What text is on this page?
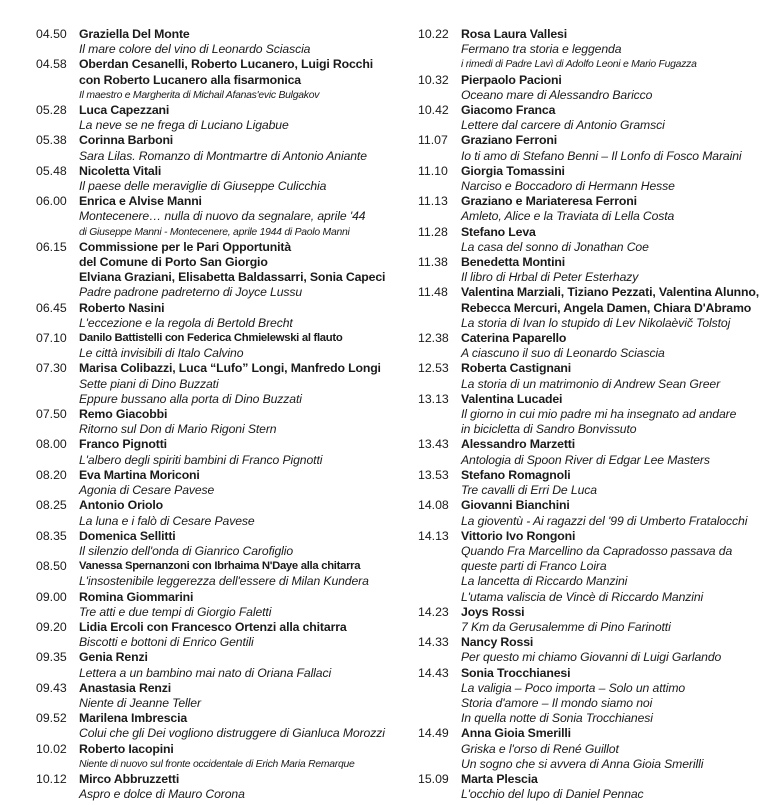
04.50 Graziella Del Monte
Il mare colore del vino di Leonardo Sciascia
04.58 Oberdan Cesanelli, Roberto Lucanero, Luigi Rocchi
con Roberto Lucanero alla fisarmonica
Il maestro e Margherita di Michail Afanas'evic Bulgakov
05.28 Luca Capezzani
La neve se ne frega di Luciano Ligabue
05.38 Corinna Barboni
Sara Lilas. Romanzo di Montmartre di Antonio Aniante
05.48 Nicoletta Vitali
Il paese delle meraviglie di Giuseppe Culicchia
06.00 Enrica e Alvise Manni
Montecenere… nulla di nuovo da segnalare, aprile '44
di Giuseppe Manni - Montecenere, aprile 1944 di Paolo Manni
06.15 Commissione per le Pari Opportunità
del Comune di Porto San Giorgio
Elviana Graziani, Elisabetta Baldassarri, Sonia Capeci
Padre padrone padreterno di Joyce Lussu
06.45 Roberto Nasini
L'eccezione e la regola di Bertold Brecht
07.10	Danilo Battistelli con Federica Chmielewski al flauto
Le città invisibili di Italo Calvino
07.30 Marisa Colibazzi, Luca “Lufo” Longi, Manfredo Longi
Sette piani di Dino Buzzati
Eppure bussano alla porta di Dino Buzzati
07.50 Remo Giacobbi
Ritorno sul Don di Mario Rigoni Stern
08.00 Franco Pignotti
L'albero degli spiriti bambini di Franco Pignotti
08.20 Eva Martina Moriconi
Agonia di Cesare Pavese
08.25 Antonio Oriolo
La luna e i falò di Cesare Pavese
08.35 Domenica Sellitti
Il silenzio dell'onda di Gianrico Carofiglio
08.50	Vanessa Spernanzoni con Ibrhaima N'Daye alla chitarra
L'insostenibile leggerezza dell'essere di Milan Kundera
09.00 Romina Giommarini
Tre atti e due tempi di Giorgio Faletti
09.20 Lidia Ercoli con Francesco Ortenzi alla chitarra
Biscotti e bottoni di Enrico Gentili
09.35 Genia Renzi
Lettera a un bambino mai nato di Oriana Fallaci
09.43 Anastasia Renzi
Niente di Jeanne Teller
09.52 Marilena Imbrescia
Colui che gli Dei vogliono distruggere di Gianluca Morozzi
10.02 Roberto Iacopini
Niente di nuovo sul fronte occidentale di Erich Maria Remarque
10.12 Mirco Abbruzzetti
Aspro e dolce di Mauro Corona
10.22 Rosa Laura Vallesi
Fermano tra storia e leggenda
i rimedi di Padre Lavì di Adolfo Leoni e Mario Fugazza
10.32 Pierpaolo Pacioni
Oceano mare di Alessandro Baricco
10.42 Giacomo Franca
Lettere dal carcere di Antonio Gramsci
11.07	Graziano Ferroni
Io ti amo di Stefano Benni – Il Lonfo di Fosco Maraini
11.10	Giorgia Tomassini
Narciso e Boccadoro di Hermann Hesse
11.13	Graziano e Mariateresa Ferroni
Amleto, Alice e la Traviata di Lella Costa
11.28	Stefano Leva
La casa del sonno di Jonathan Coe
11.38	Benedetta Montini
Il libro di Hrbal di Peter Esterhazy
11.48	Valentina Marziali, Tiziano Pezzati, Valentina Alunno,
Rebecca Mercuri, Angela Damen, Chiara D'Abramo
La storia di Ivan lo stupido di Lev Nikolaèvič Tolstoj
12.38 Caterina Paparello
A ciascuno il suo di Leonardo Sciascia
12.53 Roberta Castignani
La storia di un matrimonio di Andrew Sean Greer
13.13 Valentina Lucadei
Il giorno in cui mio padre mi ha insegnato ad andare
in bicicletta di Sandro Bonvissuto
13.43 Alessandro Marzetti
Antologia di Spoon River di Edgar Lee Masters
13.53 Stefano Romagnoli
Tre cavalli di Erri De Luca
14.08 Giovanni Bianchini
La gioventù - Ai ragazzi del '99 di Umberto Fratalocchi
14.13 Vittorio Ivo Rongoni
Quando Fra Marcellino da Capradosso passava da
queste parti di Franco Loira
La lancetta di Riccardo Manzini
L'utama valiscia de Vincè di Riccardo Manzini
14.23 Joys Rossi
7 Km da Gerusalemme di Pino Farinotti
14.33 Nancy Rossi
Per questo mi chiamo Giovanni di Luigi Garlando
14.43 Sonia Trocchianesi
La valigia – Poco importa – Solo un attimo
Storia d'amore – Il mondo siamo noi
In quella notte di Sonia Trocchianesi
14.49 Anna Gioia Smerilli
Griska e l'orso di René Guillot
Un sogno che si avvera di Anna Gioia Smerilli
15.09 Marta Plescia
L'occhio del lupo di Daniel Pennac
